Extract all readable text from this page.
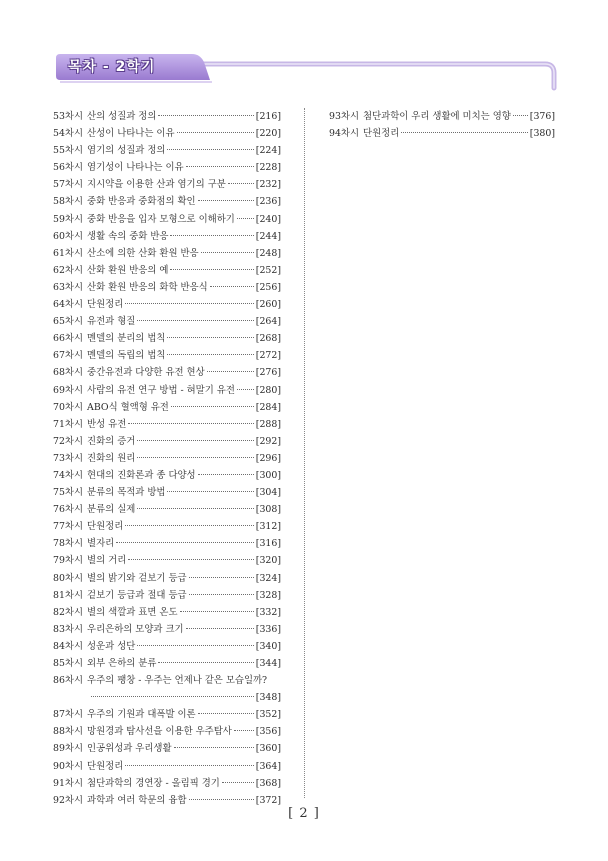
목차 - 2학기
53차시 산의 성질과 정의	[216]
54차시 산성이 나타나는 이유	[220]
55차시 염기의 성질과 정의	[224]
56차시 염기성이 나타나는 이유	[228]
57차시 지시약을 이용한 산과 염기의 구분	[232]
58차시 중화 반응과 중화점의 확인	[236]
59차시 중화 반응을 입자 모형으로 이해하기 [240]
60차시 생활 속의 중화 반응	[244]
61차시 산소에 의한 산화 환원 반응	[248]
62차시 산화 환원 반응의 예	[252]
63차시 산화 환원 반응의 화학 반응식	[256]
64차시 단원정리	[260]
65차시 유전과 형질	[264]
66차시 멘델의 분리의 법칙	[268]
67차시 멘델의 독립의 법칙	[272]
68차시 중간유전과 다양한 유전 현상	[276]
69차시 사람의 유전 연구 방법 - 혀말기 유전 [280]
70차시 ABO식 혈액형 유전	[284]
71차시 반성 유전	[288]
72차시 진화의 증거	[292]
73차시 진화의 원리	[296]
74차시 현대의 진화론과 종 다양성	[300]
75차시 분류의 목적과 방법	[304]
76차시 분류의 실제	[308]
77차시 단원정리	[312]
78차시 별자리	[316]
79차시 별의 거리	[320]
80차시 별의 밝기와 겉보기 등급	[324]
81차시 겉보기 등급과 절대 등급	[328]
82차시 별의 색깔과 표면 온도	[332]
83차시 우리은하의 모양과 크기	[336]
84차시 성운과 성단	[340]
85차시 외부 은하의 분류	[344]
86차시 우주의 팽창 - 우주는 언제나 같은 모습일까?
[348]
87차시 우주의 기원과 대폭발 이론	[352]
88차시 망원경과 탐사선을 이용한 우주탐사	[356]
89차시 인공위성과 우리생활	[360]
90차시 단원정리	[364]
91차시 첨단과학의 경연장 - 올림픽 경기	[368]
92차시 과학과 여러 학문의 융합	[372]
93차시 첨단과학이 우리 생활에 미치는 영향 [376]
94차시 단원정리	[380]
[ 2 ]
